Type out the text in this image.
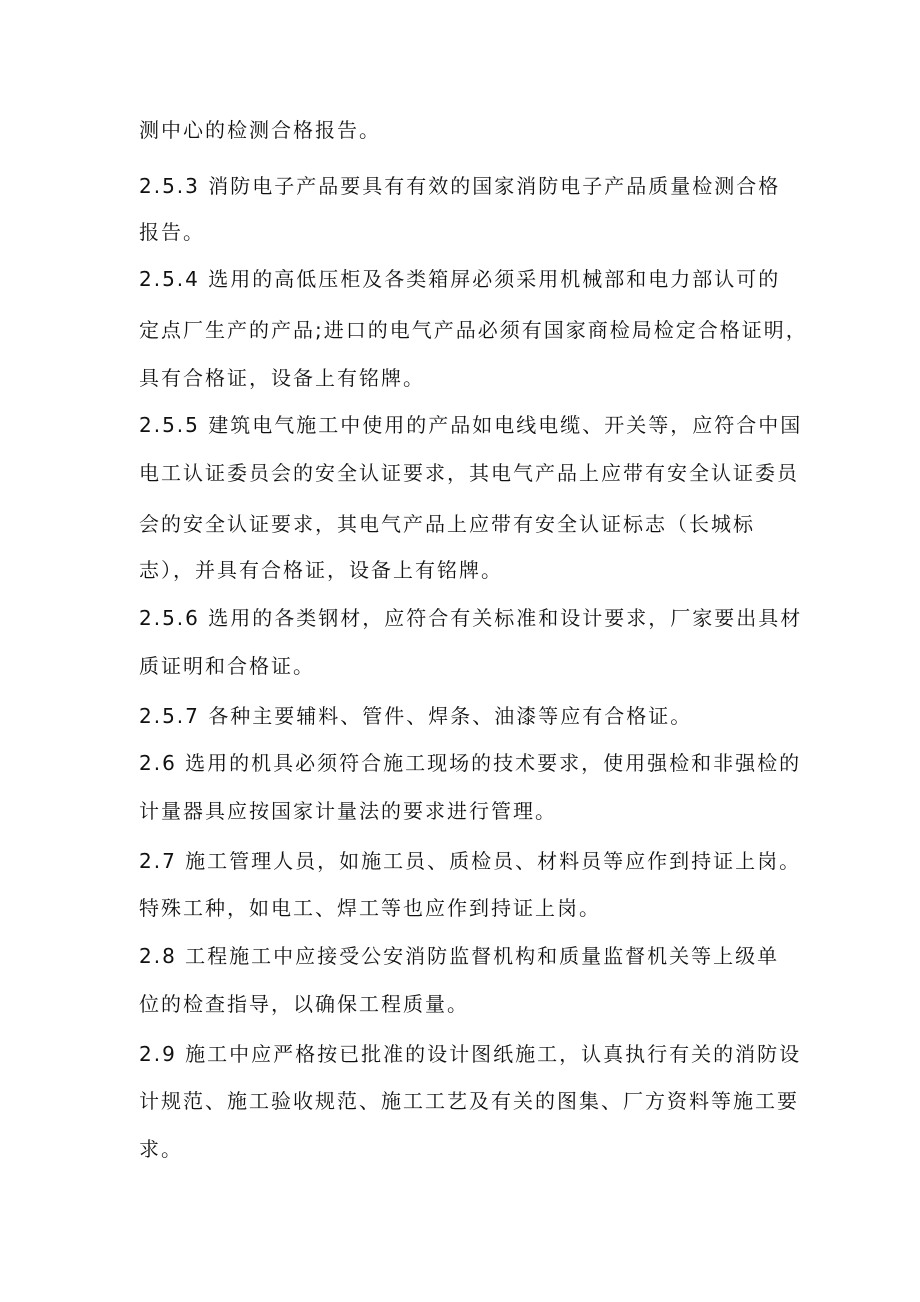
测中心的检测合格报告。
2.5.3 消防电子产品要具有有效的国家消防电子产品质量检测合格
报告。
2.5.4 选用的高低压柜及各类箱屏必须采用机械部和电力部认可的
定点厂生产的产品;进口的电气产品必须有国家商检局检定合格证明，
具有合格证，设备上有铭牌。
2.5.5 建筑电气施工中使用的产品如电线电缆、开关等，应符合中国
电工认证委员会的安全认证要求，其电气产品上应带有安全认证委员
会的安全认证要求，其电气产品上应带有安全认证标志（长城标
志），并具有合格证，设备上有铭牌。
2.5.6 选用的各类钢材，应符合有关标准和设计要求，厂家要出具材
质证明和合格证。
2.5.7 各种主要辅料、管件、焊条、油漆等应有合格证。
2.6 选用的机具必须符合施工现场的技术要求，使用强检和非强检的
计量器具应按国家计量法的要求进行管理。
2.7 施工管理人员，如施工员、质检员、材料员等应作到持证上岗。
特殊工种，如电工、焊工等也应作到持证上岗。
2.8 工程施工中应接受公安消防监督机构和质量监督机关等上级单
位的检查指导，以确保工程质量。
2.9 施工中应严格按已批准的设计图纸施工，认真执行有关的消防设
计规范、施工验收规范、施工工艺及有关的图集、厂方资料等施工要
求。
